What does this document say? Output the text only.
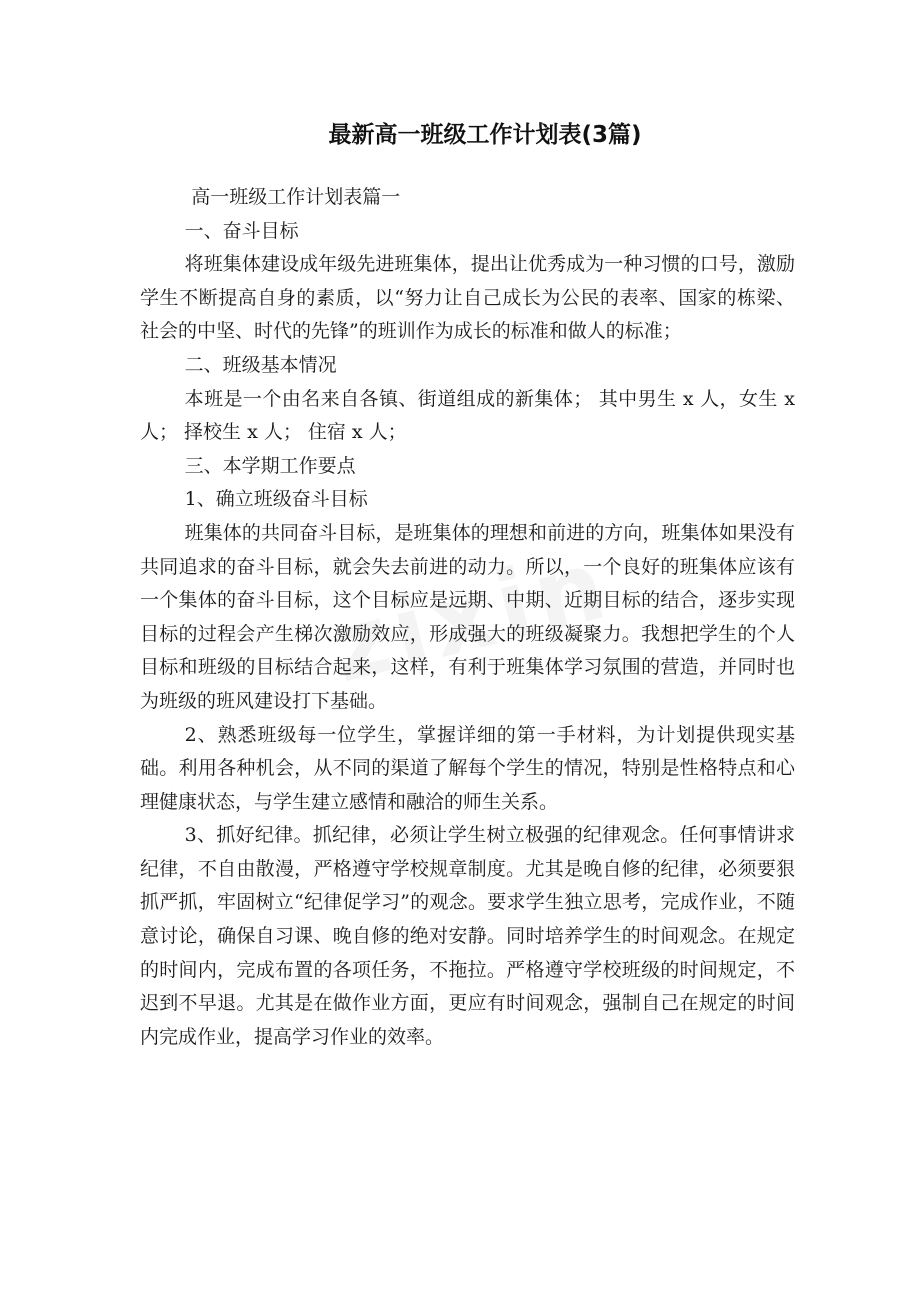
最新高一班级工作计划表(3篇)

高一班级工作计划表篇一

一、奋斗目标

将班集体建设成年级先进班集体，提出让优秀成为一种习惯的口号，激励学生不断提高自身的素质，以“努力让自己成长为公民的表率、国家的栋梁、社会的中坚、时代的先锋”的班训作为成长的标准和做人的标准；

二、班级基本情况

本班是一个由名来自各镇、街道组成的新集体； 其中男生 x 人，女生 x 人； 择校生 x 人； 住宿 x 人；

三、本学期工作要点

1、确立班级奋斗目标

班集体的共同奋斗目标，是班集体的理想和前进的方向，班集体如果没有共同追求的奋斗目标，就会失去前进的动力。所以，一个良好的班集体应该有一个集体的奋斗目标，这个目标应是远期、中期、近期目标的结合，逐步实现目标的过程会产生梯次激励效应，形成强大的班级凝聚力。我想把学生的个人目标和班级的目标结合起来，这样，有利于班集体学习氛围的营造，并同时也为班级的班风建设打下基础。

2、熟悉班级每一位学生，掌握详细的第一手材料，为计划提供现实基础。利用各种机会，从不同的渠道了解每个学生的情况，特别是性格特点和心理健康状态，与学生建立感情和融洽的师生关系。

3、抓好纪律。抓纪律，必须让学生树立极强的纪律观念。任何事情讲求纪律，不自由散漫，严格遵守学校规章制度。尤其是晚自修的纪律，必须要狠抓严抓，牢固树立“纪律促学习”的观念。要求学生独立思考，完成作业，不随意讨论，确保自习课、晚自修的绝对安静。同时培养学生的时间观念。在规定的时间内，完成布置的各项任务，不拖拉。严格遵守学校班级的时间规定，不迟到不早退。尤其是在做作业方面，更应有时间观念，强制自己在规定的时间内完成作业，提高学习作业的效率。
